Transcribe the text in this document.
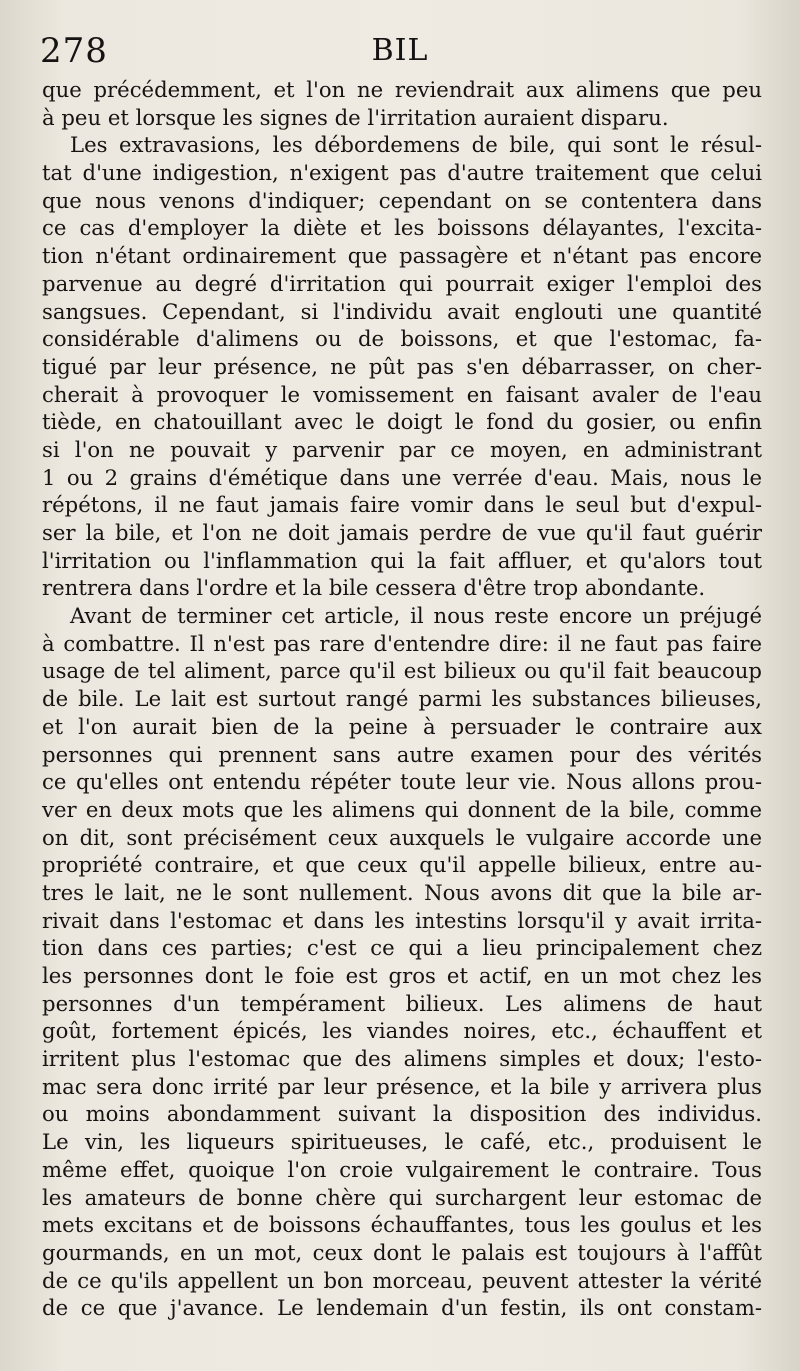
278	BIL
que précédemment, et l'on ne reviendrait aux alimens que peu
à peu et lorsque les signes de l'irritation auraient disparu.
Les extravasions, les débordemens de bile, qui sont le résul-
tat d'une indigestion, n'exigent pas d'autre traitement que celui
que nous venons d'indiquer; cependant on se contentera dans
ce cas d'employer la diète et les boissons délayantes, l'excita-
tion n'étant ordinairement que passagère et n'étant pas encore
parvenue au degré d'irritation qui pourrait exiger l'emploi des
sangsues. Cependant, si l'individu avait englouti une quantité
considérable d'alimens ou de boissons, et que l'estomac, fa-
tigué par leur présence, ne pût pas s'en débarrasser, on cher-
cherait à provoquer le vomissement en faisant avaler de l'eau
tiède, en chatouillant avec le doigt le fond du gosier, ou enfin
si l'on ne pouvait y parvenir par ce moyen, en administrant
1 ou 2 grains d'émétique dans une verrée d'eau. Mais, nous le
répétons, il ne faut jamais faire vomir dans le seul but d'expul-
ser la bile, et l'on ne doit jamais perdre de vue qu'il faut guérir
l'irritation ou l'inflammation qui la fait affluer, et qu'alors tout
rentrera dans l'ordre et la bile cessera d'être trop abondante.
Avant de terminer cet article, il nous reste encore un préjugé
à combattre. Il n'est pas rare d'entendre dire: il ne faut pas faire
usage de tel aliment, parce qu'il est bilieux ou qu'il fait beaucoup
de bile. Le lait est surtout rangé parmi les substances bilieuses,
et l'on aurait bien de la peine à persuader le contraire aux
personnes qui prennent sans autre examen pour des vérités
ce qu'elles ont entendu répéter toute leur vie. Nous allons prou-
ver en deux mots que les alimens qui donnent de la bile, comme
on dit, sont précisément ceux auxquels le vulgaire accorde une
propriété contraire, et que ceux qu'il appelle bilieux, entre au-
tres le lait, ne le sont nullement. Nous avons dit que la bile ar-
rivait dans l'estomac et dans les intestins lorsqu'il y avait irrita-
tion dans ces parties; c'est ce qui a lieu principalement chez
les personnes dont le foie est gros et actif, en un mot chez les
personnes d'un tempérament bilieux. Les alimens de haut
goût, fortement épicés, les viandes noires, etc., échauffent et
irritent plus l'estomac que des alimens simples et doux; l'esto-
mac sera donc irrité par leur présence, et la bile y arrivera plus
ou moins abondamment suivant la disposition des individus.
Le vin, les liqueurs spiritueuses, le café, etc., produisent le
même effet, quoique l'on croie vulgairement le contraire. Tous
les amateurs de bonne chère qui surchargent leur estomac de
mets excitans et de boissons échauffantes, tous les goulus et les
gourmands, en un mot, ceux dont le palais est toujours à l'affût
de ce qu'ils appellent un bon morceau, peuvent attester la vérité
de ce que j'avance. Le lendemain d'un festin, ils ont constam-
